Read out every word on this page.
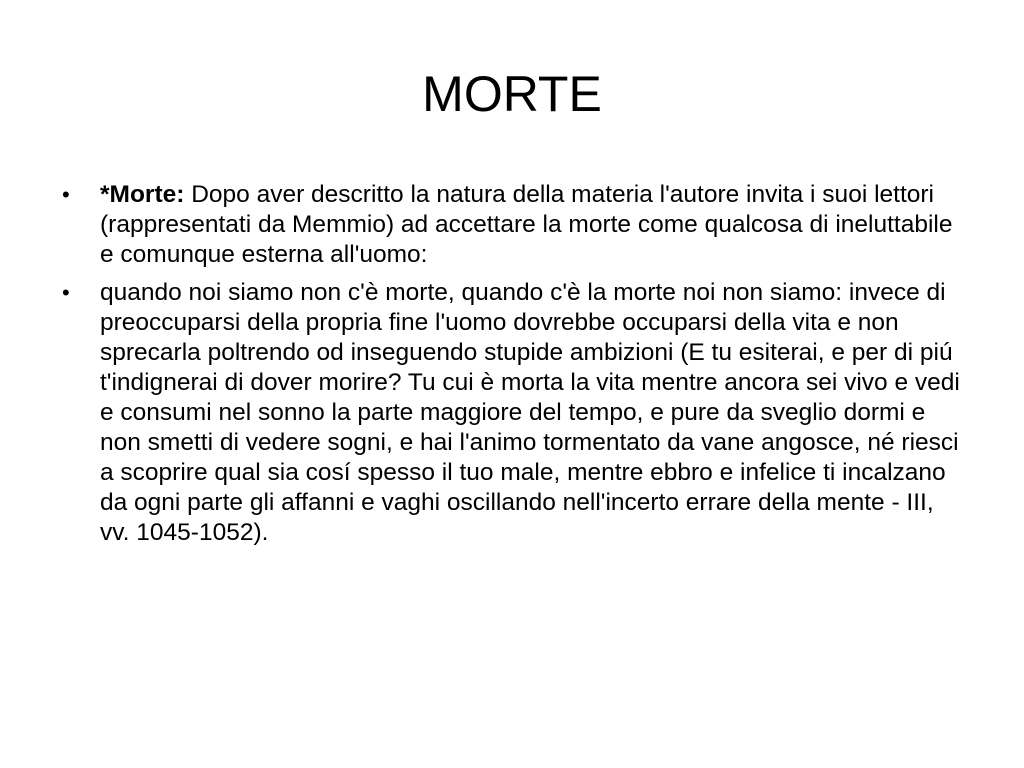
MORTE
•	*Morte: Dopo aver descritto la natura della materia l'autore invita i suoi lettori (rappresentati da Memmio) ad accettare la morte come qualcosa di ineluttabile e comunque esterna all'uomo:
•	quando noi siamo non c'è morte, quando c'è la morte noi non siamo: invece di preoccuparsi della propria fine l'uomo dovrebbe occuparsi della vita e non sprecarla poltrendo od inseguendo stupide ambizioni (E tu esiterai, e per di piú t'indignerai di dover morire? Tu cui è morta la vita mentre ancora sei vivo e vedi e consumi nel sonno la parte maggiore del tempo, e pure da sveglio dormi e non smetti di vedere sogni, e hai l'animo tormentato da vane angosce, né riesci a scoprire qual sia cosí spesso il tuo male, mentre ebbro e infelice ti incalzano da ogni parte gli affanni e vaghi oscillando nell'incerto errare della mente - III, vv. 1045-1052).
